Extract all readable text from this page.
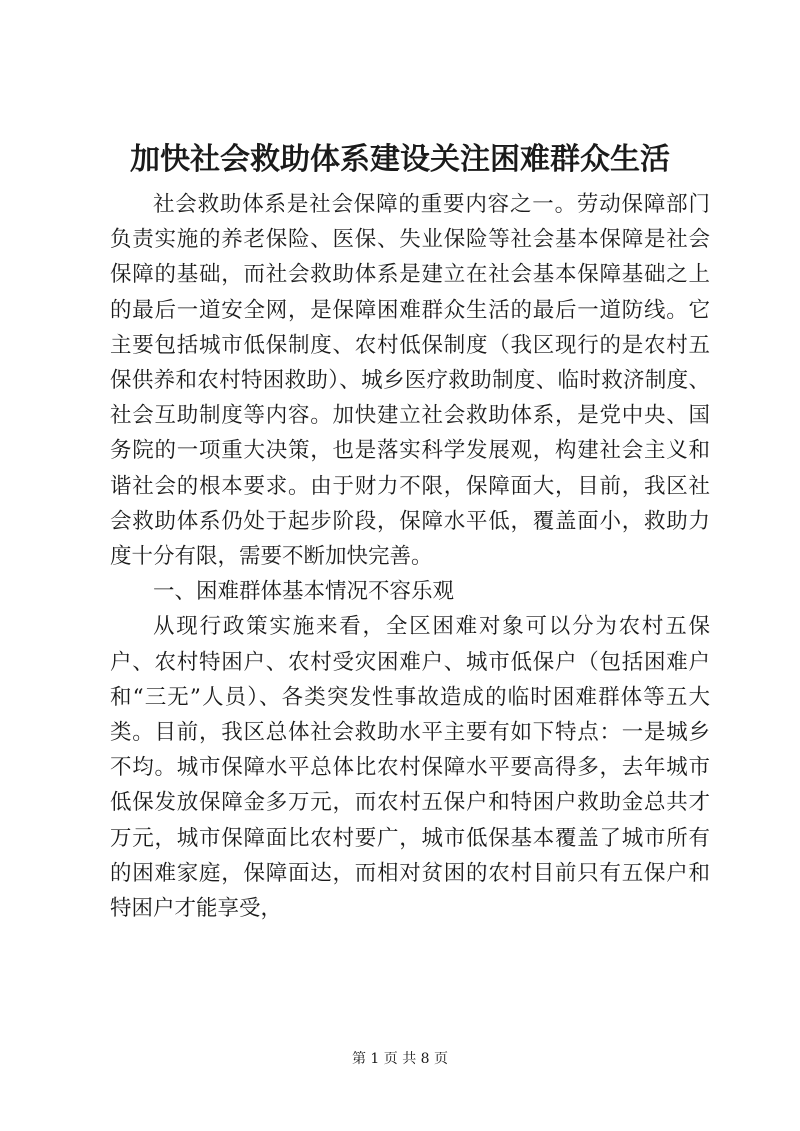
加快社会救助体系建设关注困难群众生活

社会救助体系是社会保障的重要内容之一。劳动保障部门负责实施的养老保险、医保、失业保险等社会基本保障是社会保障的基础，而社会救助体系是建立在社会基本保障基础之上的最后一道安全网，是保障困难群众生活的最后一道防线。它主要包括城市低保制度、农村低保制度（我区现行的是农村五保供养和农村特困救助）、城乡医疗救助制度、临时救济制度、社会互助制度等内容。加快建立社会救助体系，是党中央、国务院的一项重大决策，也是落实科学发展观，构建社会主义和谐社会的根本要求。由于财力不限，保障面大，目前，我区社会救助体系仍处于起步阶段，保障水平低，覆盖面小，救助力度十分有限，需要不断加快完善。

一、困难群体基本情况不容乐观

从现行政策实施来看，全区困难对象可以分为农村五保户、农村特困户、农村受灾困难户、城市低保户（包括困难户和“三无”人员）、各类突发性事故造成的临时困难群体等五大类。目前，我区总体社会救助水平主要有如下特点：一是城乡不均。城市保障水平总体比农村保障水平要高得多，去年城市低保发放保障金多万元，而农村五保户和特困户救助金总共才万元，城市保障面比农村要广，城市低保基本覆盖了城市所有的困难家庭，保障面达，而相对贫困的农村目前只有五保户和特困户才能享受，

第 1 页 共 8 页
